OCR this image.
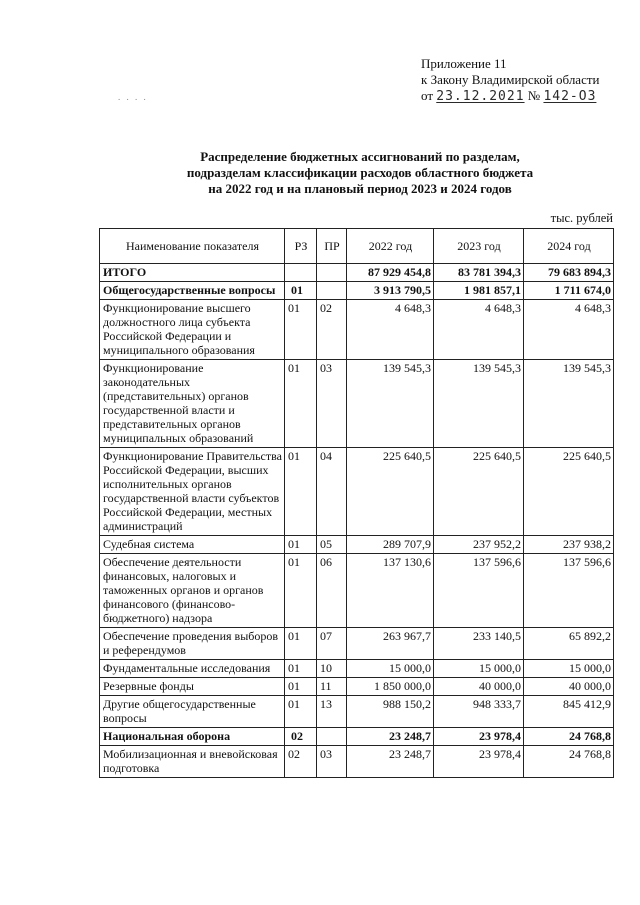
Приложение 11
к Закону Владимирской области
от 23.12.2021 № 142-ОЗ
. . . .
Распределение бюджетных ассигнований по разделам,
подразделам классификации расходов областного бюджета
на 2022 год и на плановый период 2023 и 2024 годов
тыс. рублей
Наименование показателя	РЗ	ПР	2022 год	2023 год	2024 год
ИТОГО			87 929 454,8	83 781 394,3	79 683 894,3
Общегосударственные вопросы	01		3 913 790,5	1 981 857,1	1 711 674,0
Функционирование высшего должностного лица субъекта Российской Федерации и муниципального образования	01	02	4 648,3	4 648,3	4 648,3
Функционирование законодательных (представительных) органов государственной власти и представительных органов муниципальных образований	01	03	139 545,3	139 545,3	139 545,3
Функционирование Правительства Российской Федерации, высших исполнительных органов государственной власти субъектов Российской Федерации, местных администраций	01	04	225 640,5	225 640,5	225 640,5
Судебная система	01	05	289 707,9	237 952,2	237 938,2
Обеспечение деятельности финансовых, налоговых и таможенных органов и органов финансового (финансово-бюджетного) надзора	01	06	137 130,6	137 596,6	137 596,6
Обеспечение проведения выборов и референдумов	01	07	263 967,7	233 140,5	65 892,2
Фундаментальные исследования	01	10	15 000,0	15 000,0	15 000,0
Резервные фонды	01	11	1 850 000,0	40 000,0	40 000,0
Другие общегосударственные вопросы	01	13	988 150,2	948 333,7	845 412,9
Национальная оборона	02		23 248,7	23 978,4	24 768,8
Мобилизационная и вневойсковая подготовка	02	03	23 248,7	23 978,4	24 768,8
